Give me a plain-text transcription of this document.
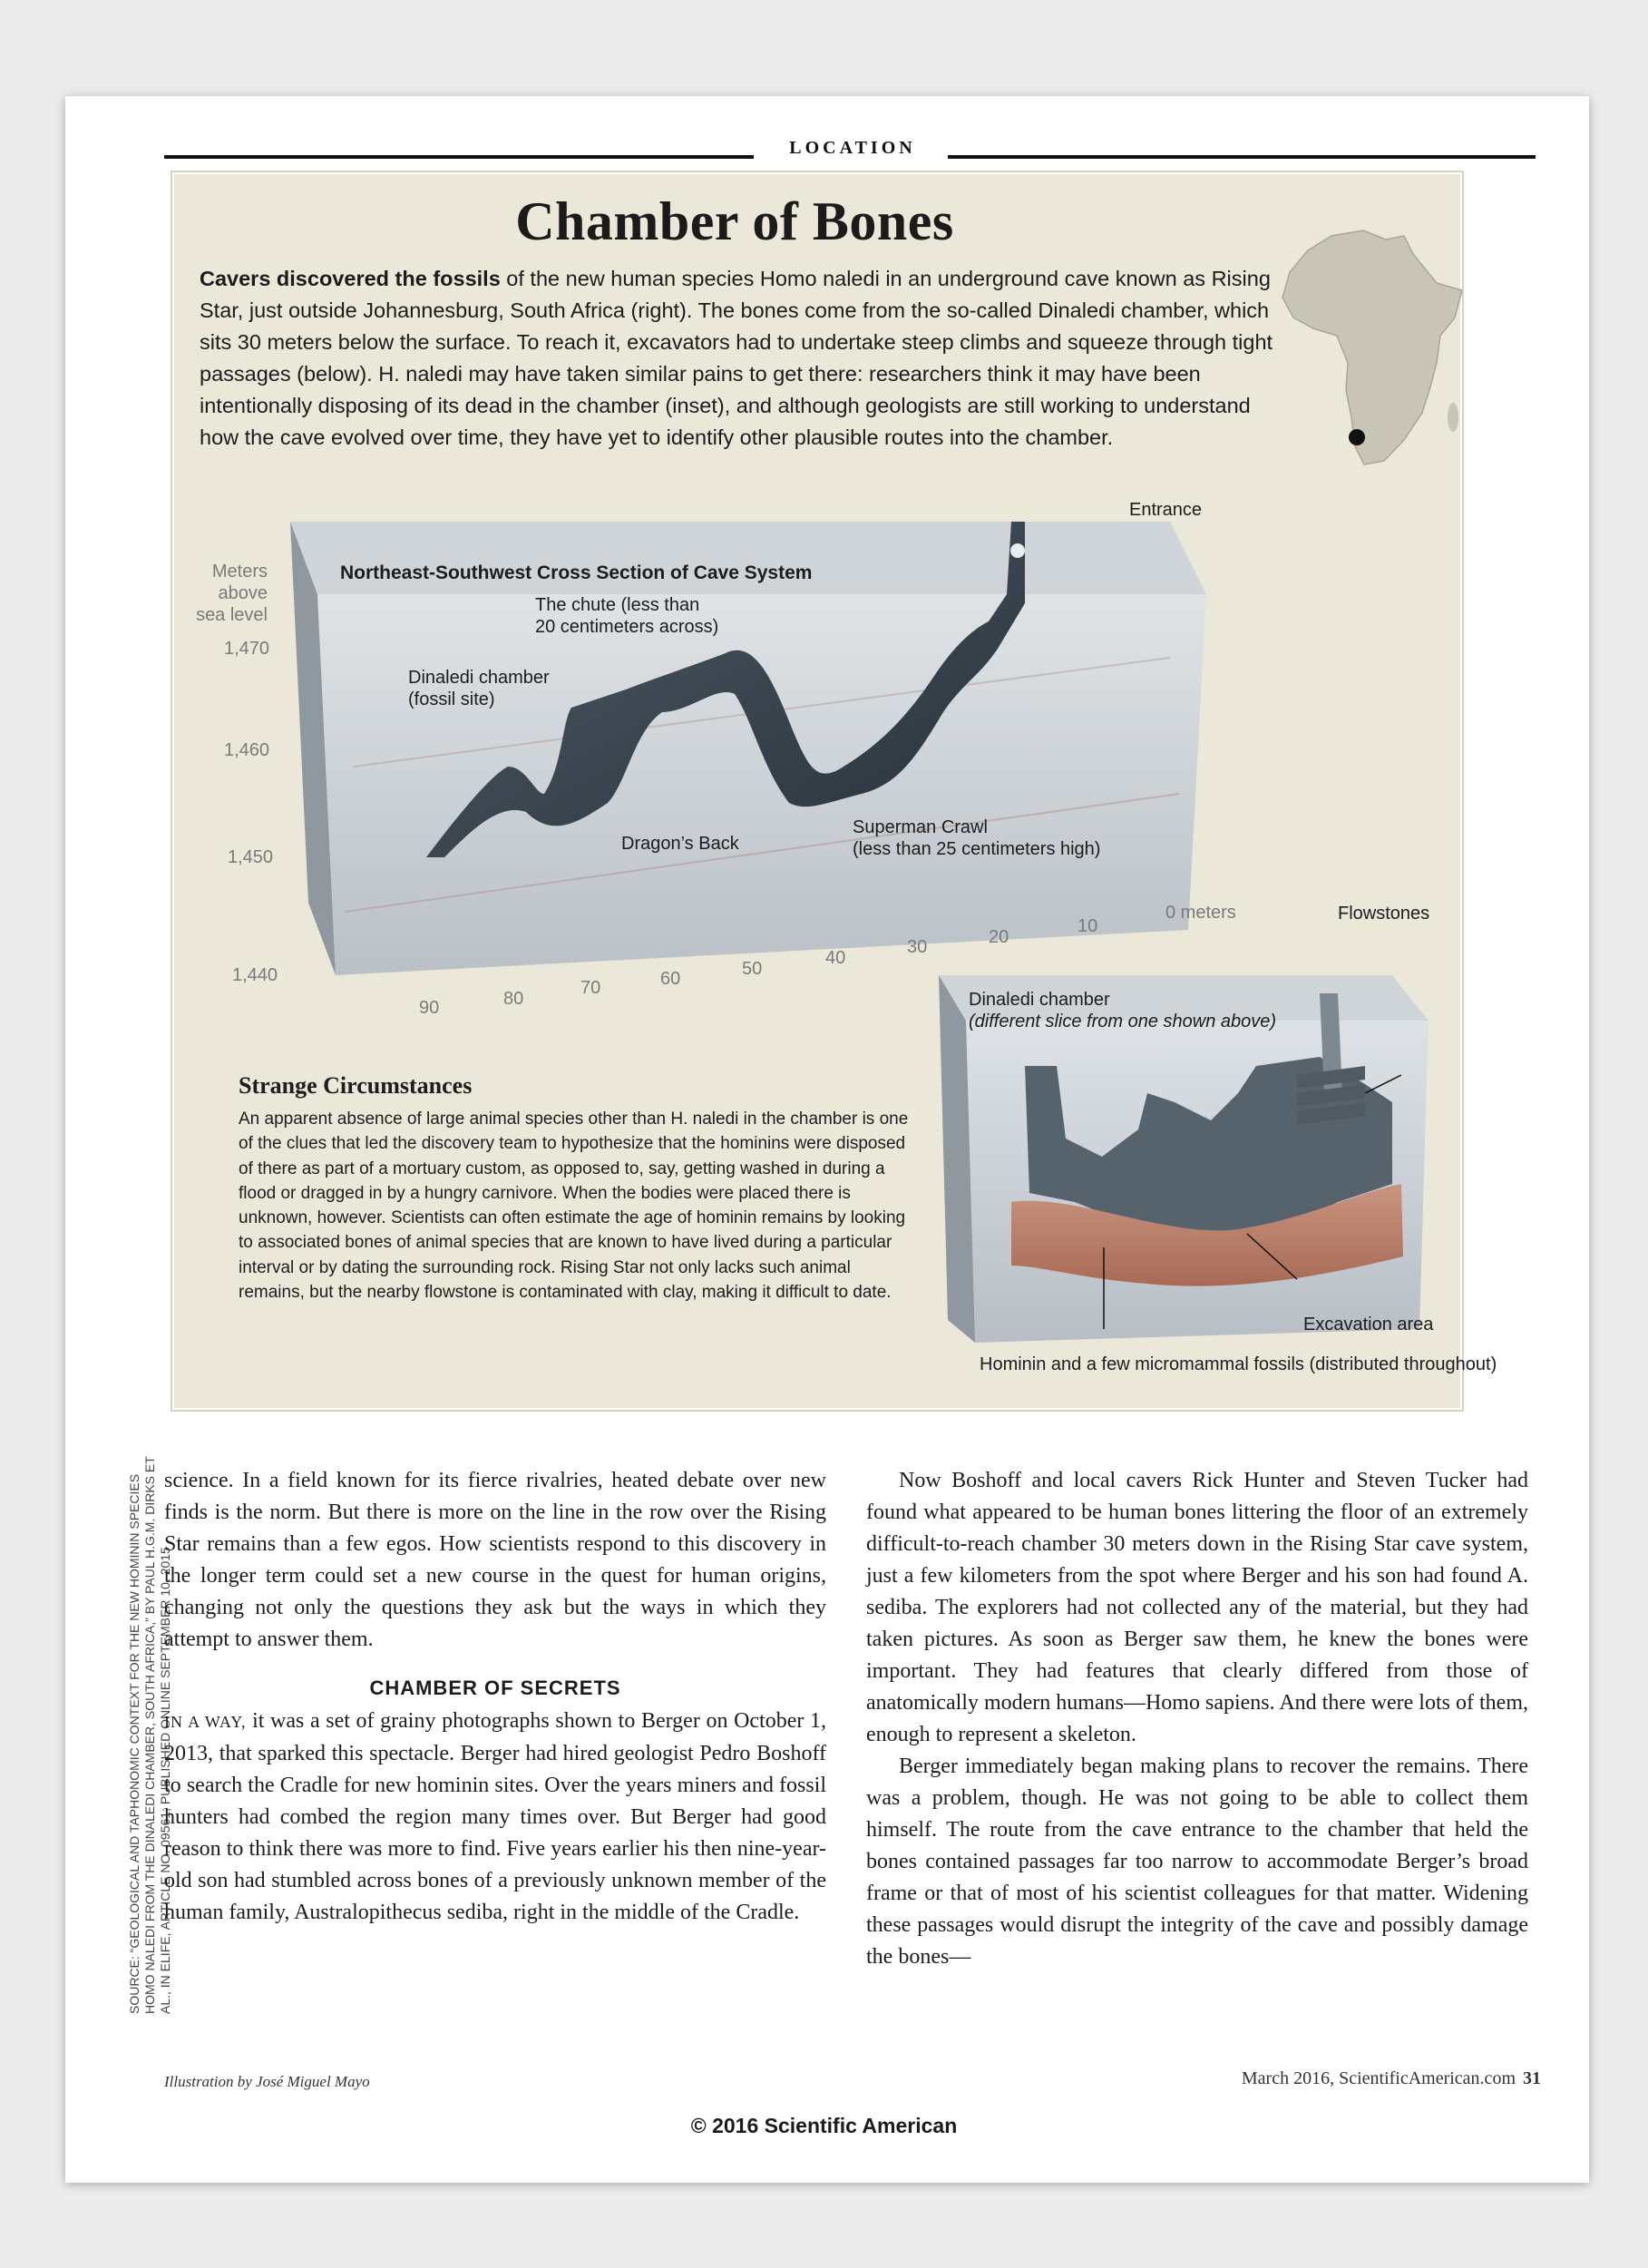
LOCATION
Chamber of Bones
Cavers discovered the fossils of the new human species Homo naledi in an underground cave known as Rising Star, just outside Johannesburg, South Africa (right). The bones come from the so-called Dinaledi chamber, which sits 30 meters below the surface. To reach it, excavators had to undertake steep climbs and squeeze through tight passages (below). H. naledi may have taken similar pains to get there: researchers think it may have been intentionally disposing of its dead in the chamber (inset), and although geologists are still working to understand how the cave evolved over time, they have yet to identify other plausible routes into the chamber.
Northeast-Southwest Cross Section of Cave System
Entrance
The chute (less than
20 centimeters across)
Dinaledi chamber
(fossil site)
Dragon’s Back
Superman Crawl
(less than 25 centimeters high)
Meters
above
sea level
1,470
1,460
1,450
1,440
90	80
70	60	50
40
30	20
10
0 meters
Dinaledi chamber
(different slice from one shown above)
Flowstones
Excavation area
Hominin and a few micromammal fossils (distributed throughout)
Strange Circumstances
An apparent absence of large animal species other than H. naledi in the chamber is one of the clues that led the discovery team to hypothesize that the hominins were disposed of there as part of a mortuary custom, as opposed to, say, getting washed in during a flood or dragged in by a hungry carnivore. When the bodies were placed there is unknown, however. Scientists can often estimate the age of hominin remains by looking to associated bones of animal species that are known to have lived during a particular interval or by dating the surrounding rock. Rising Star not only lacks such animal remains, but the nearby flowstone is contaminated with clay, making it difficult to date.
SOURCE: “GEOLOGICAL AND TAPHONOMIC CONTEXT FOR THE NEW HOMININ SPECIES HOMO NALEDI FROM THE DINALEDI CHAMBER, SOUTH AFRICA,” BY PAUL H.G.M. DIRKS ET AL., IN ELIFE, ARTICLE NO. 09561; PUBLISHED ONLINE SEPTEMBER 10, 2015

science. In a field known for its fierce rivalries, heated debate over new finds is the norm. But there is more on the line in the row over the Rising Star remains than a few egos. How scientists respond to this discovery in the longer term could set a new course in the quest for human origins, changing not only the questions they ask but the ways in which they attempt to answer them.

CHAMBER OF SECRETS

IN A WAY, it was a set of grainy photographs shown to Berger on October 1, 2013, that sparked this spectacle. Berger had hired geologist Pedro Boshoff to search the Cradle for new hominin sites. Over the years miners and fossil hunters had combed the region many times over. But Berger had good reason to think there was more to find. Five years earlier his then nine-year-old son had stumbled across bones of a previously unknown member of the human family, Australopithecus sediba, right in the middle of the Cradle.

Now Boshoff and local cavers Rick Hunter and Steven Tucker had found what appeared to be human bones littering the floor of an extremely difficult-to-reach chamber 30 meters down in the Rising Star cave system, just a few kilometers from the spot where Berger and his son had found A. sediba. The explorers had not collected any of the material, but they had taken pictures. As soon as Berger saw them, he knew the bones were important. They had features that clearly differed from those of anatomically modern humans—Homo sapiens. And there were lots of them, enough to represent a skeleton.

Berger immediately began making plans to recover the remains. There was a problem, though. He was not going to be able to collect them himself. The route from the cave entrance to the chamber that held the bones contained passages far too narrow to accommodate Berger’s broad frame or that of most of his scientist colleagues for that matter. Widening these passages would disrupt the integrity of the cave and possibly damage the bones—

Illustration by José Miguel Mayo	March 2016, ScientificAmerican.com 31
© 2016 Scientific American
